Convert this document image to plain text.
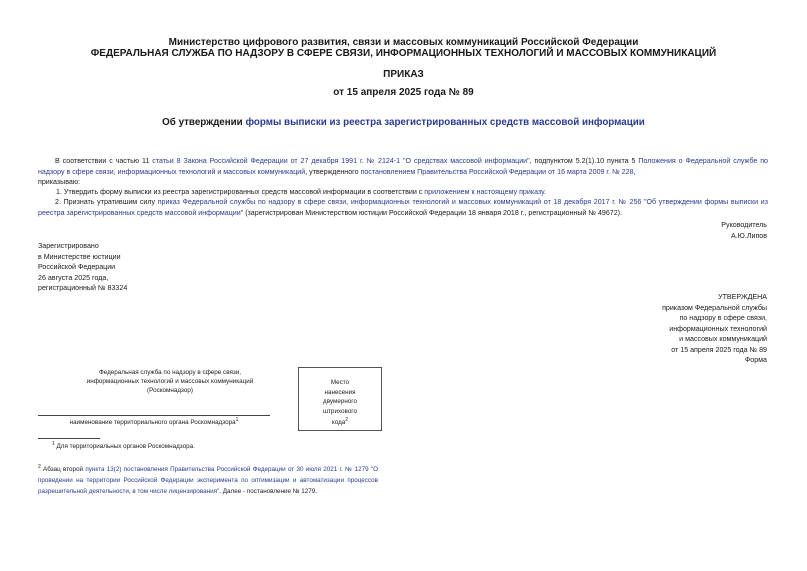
Министерство цифрового развития, связи и массовых коммуникаций Российской Федерации
ФЕДЕРАЛЬНАЯ СЛУЖБА ПО НАДЗОРУ В СФЕРЕ СВЯЗИ, ИНФОРМАЦИОННЫХ ТЕХНОЛОГИЙ И МАССОВЫХ КОММУНИКАЦИЙ
ПРИКАЗ
от 15 апреля 2025 года № 89
Об утверждении формы выписки из реестра зарегистрированных средств массовой информации
В соответствии с частью 11 статьи 8 Закона Российской Федерации от 27 декабря 1991 г. № 2124-1 "О средствах массовой информации", подпунктом 5.2(1).10 пункта 5 Положения о Федеральной службе по надзору в сфере связи, информационных технологий и массовых коммуникаций, утвержденного постановлением Правительства Российской Федерации от 16 марта 2009 г. № 228,
приказываю:
1. Утвердить форму выписки из реестра зарегистрированных средств массовой информации в соответствии с приложением к настоящему приказу.
2. Признать утратившим силу приказ Федеральной службы по надзору в сфере связи, информационных технологий и массовых коммуникаций от 18 декабря 2017 г. № 256 "Об утверждении формы выписки из реестра зарегистрированных средств массовой информации" (зарегистрирован Министерством юстиции Российской Федерации 18 января 2018 г., регистрационный № 49672).
Руководитель
А.Ю.Липов
Зарегистрировано
в Министерстве юстиции
Российской Федерации
26 августа 2025 года,
регистрационный № 83324
УТВЕРЖДЕНА
приказом Федеральной службы
по надзору в сфере связи,
информационных технологий
и массовых коммуникаций
от 15 апреля 2025 года № 89
Форма
Федеральная служба по надзору в сфере связи,
информационных технологий и массовых коммуникаций
(Роскомнадзор)
наименование территориального органа Роскомнадзора$^1$
Место
нанесения
двумерного
штрихового
кода$^2$
$^1$ Для территориальных органов Роскомнадзора.
$^2$ Абзац второй пункта 13(2) постановления Правительства Российской Федерации от 30 июля 2021 г. № 1279 "О проведении на территории Российской Федерации эксперимента по оптимизации и автоматизации процессов разрешительной деятельности, в том числе лицензирования". Далее - постановление № 1279.
